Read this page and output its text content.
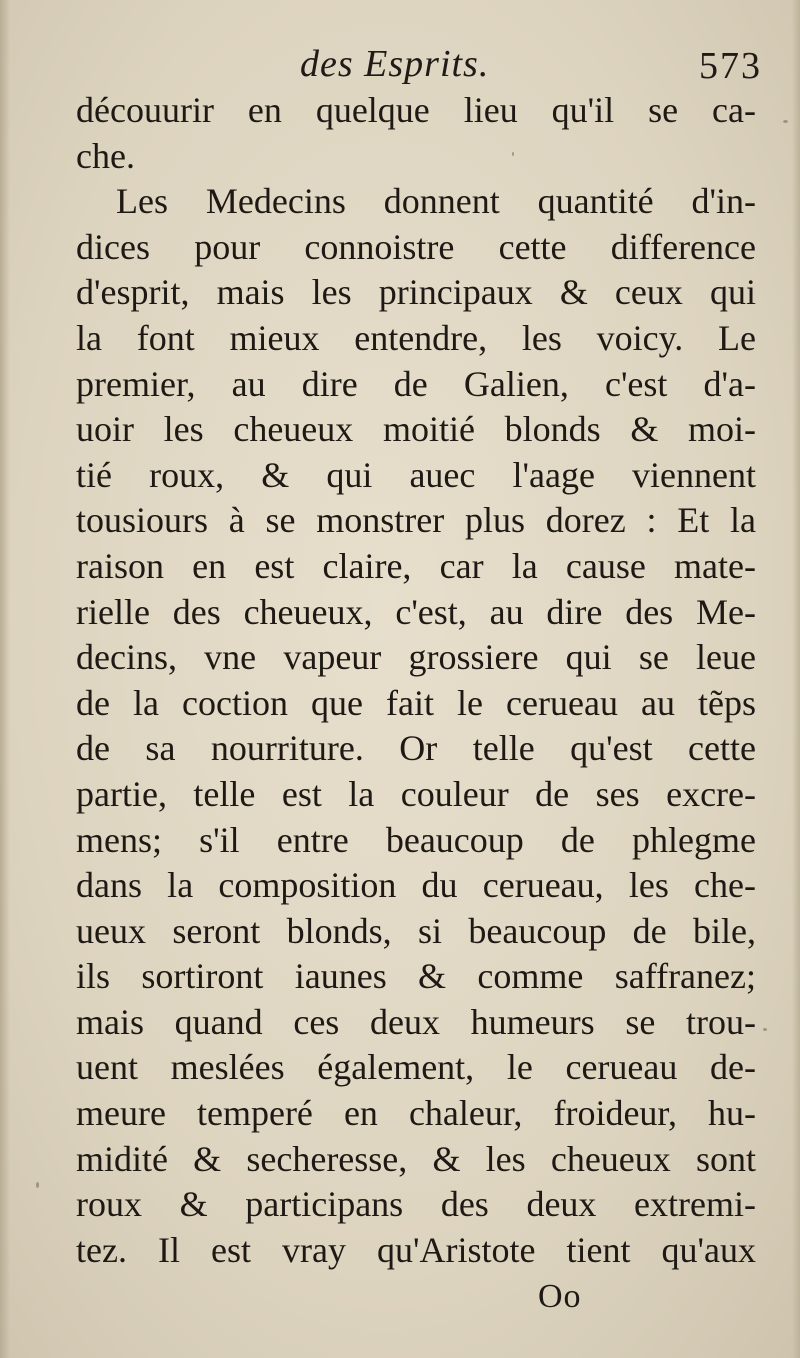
des Esprits.	573
découurir en quelque lieu qu'il se ca-
che.
Les Medecins donnent quantité d'in-
dices pour connoistre cette difference
d'esprit, mais les principaux & ceux qui
la font mieux entendre, les voicy. Le
premier, au dire de Galien, c'est d'a-
uoir les cheueux moitié blonds & moi-
tié roux, & qui auec l'aage viennent
tousiours à se monstrer plus dorez : Et la
raison en est claire, car la cause mate-
rielle des cheueux, c'est, au dire des Me-
decins, vne vapeur grossiere qui se leue
de la coction que fait le cerueau au tẽps
de sa nourriture. Or telle qu'est cette
partie, telle est la couleur de ses excre-
mens; s'il entre beaucoup de phlegme
dans la composition du cerueau, les che-
ueux seront blonds, si beaucoup de bile,
ils sortiront iaunes & comme saffranez;
mais quand ces deux humeurs se trou-
uent meslées également, le cerueau de-
meure temperé en chaleur, froideur, hu-
midité & secheresse, & les cheueux sont
roux & participans des deux extremi-
tez. Il est vray qu'Aristote tient qu'aux
Oo
